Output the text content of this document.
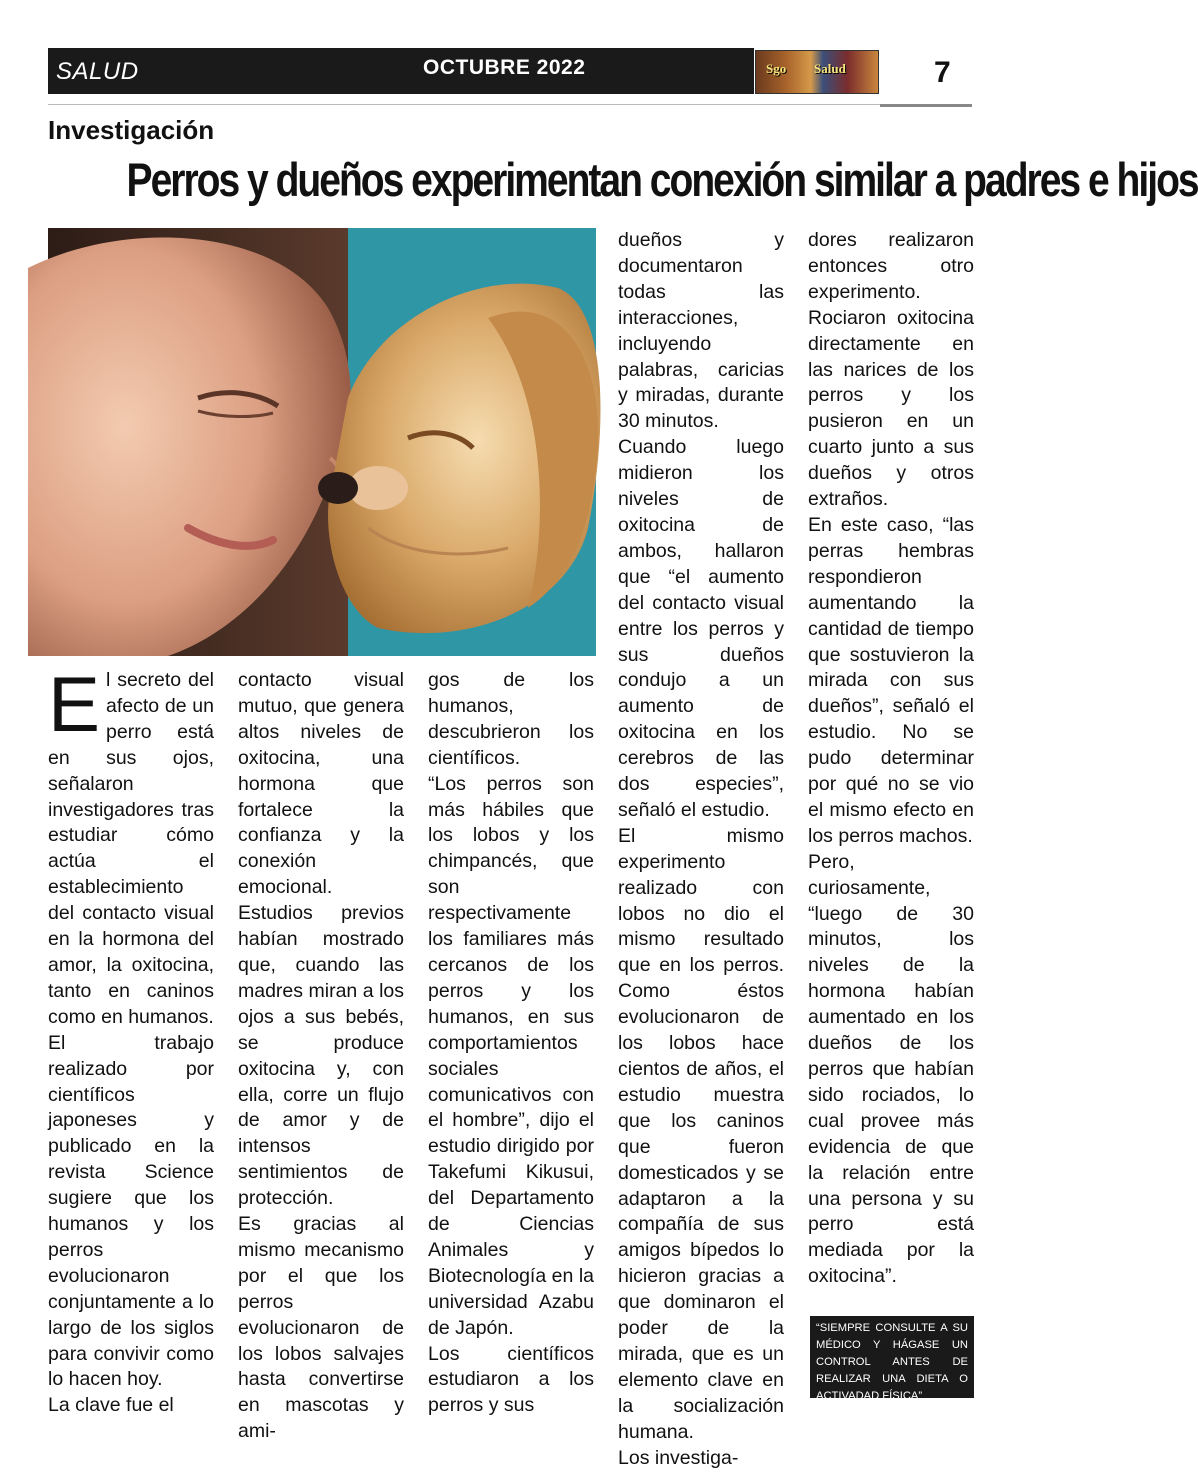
SALUD	OCTUBRE 2022	Sgo Salud	7
Investigación
Perros y dueños experimentan conexión similar a padres e hijos

El secreto del afecto de un perro está en sus ojos, señalaron investigadores tras estudiar cómo actúa el establecimiento del contacto visual en la hormona del amor, la oxitocina, tanto en caninos como en humanos.

El trabajo realizado por científicos japoneses y publicado en la revista Science sugiere que los humanos y los perros evolucionaron conjuntamente a lo largo de los siglos para convivir como lo hacen hoy.

La clave fue el

contacto visual mutuo, que genera altos niveles de oxitocina, una hormona que fortalece la confianza y la conexión emocional.

Estudios previos habían mostrado que, cuando las madres miran a los ojos a sus bebés, se produce oxitocina y, con ella, corre un flujo de amor y de intensos sentimientos de protección.

Es gracias al mismo mecanismo por el que los perros evolucionaron de los lobos salvajes hasta convertirse en mascotas y ami-

gos de los humanos, descubrieron los científicos.

“Los perros son más hábiles que los lobos y los chimpancés, que son respectivamente los familiares más cercanos de los perros y los humanos, en sus comportamientos sociales comunicativos con el hombre”, dijo el estudio dirigido por Takefumi Kikusui, del Departamento de Ciencias Animales y Biotecnología en la universidad Azabu de Japón.

Los científicos estudiaron a los perros y sus

dueños y documentaron todas las interacciones, incluyendo palabras, caricias y miradas, durante 30 minutos.

Cuando luego midieron los niveles de oxitocina de ambos, hallaron que “el aumento del contacto visual entre los perros y sus dueños condujo a un aumento de oxitocina en los cerebros de las dos especies”, señaló el estudio.

El mismo experimento realizado con lobos no dio el mismo resultado que en los perros. Como éstos evolucionaron de los lobos hace cientos de años, el estudio muestra que los caninos que fueron domesticados y se adaptaron a la compañía de sus amigos bípedos lo hicieron gracias a que dominaron el poder de la mirada, que es un elemento clave en la socialización humana.

Los investiga-

dores realizaron entonces otro experimento. Rociaron oxitocina directamente en las narices de los perros y los pusieron en un cuarto junto a sus dueños y otros extraños.

En este caso, “las perras hembras respondieron aumentando la cantidad de tiempo que sostuvieron la mirada con sus dueños”, señaló el estudio. No se pudo determinar por qué no se vio el mismo efecto en los perros machos.

Pero, curiosamente, “luego de 30 minutos, los niveles de la hormona habían aumentado en los dueños de los perros que habían sido rociados, lo cual provee más evidencia de que la relación entre una persona y su perro está mediada por la oxitocina”.

“SIEMPRE CONSULTE A SU MÉDICO Y HÁGASE UN CONTROL ANTES DE REALIZAR UNA DIETA O ACTIVADAD FÍSICA”
